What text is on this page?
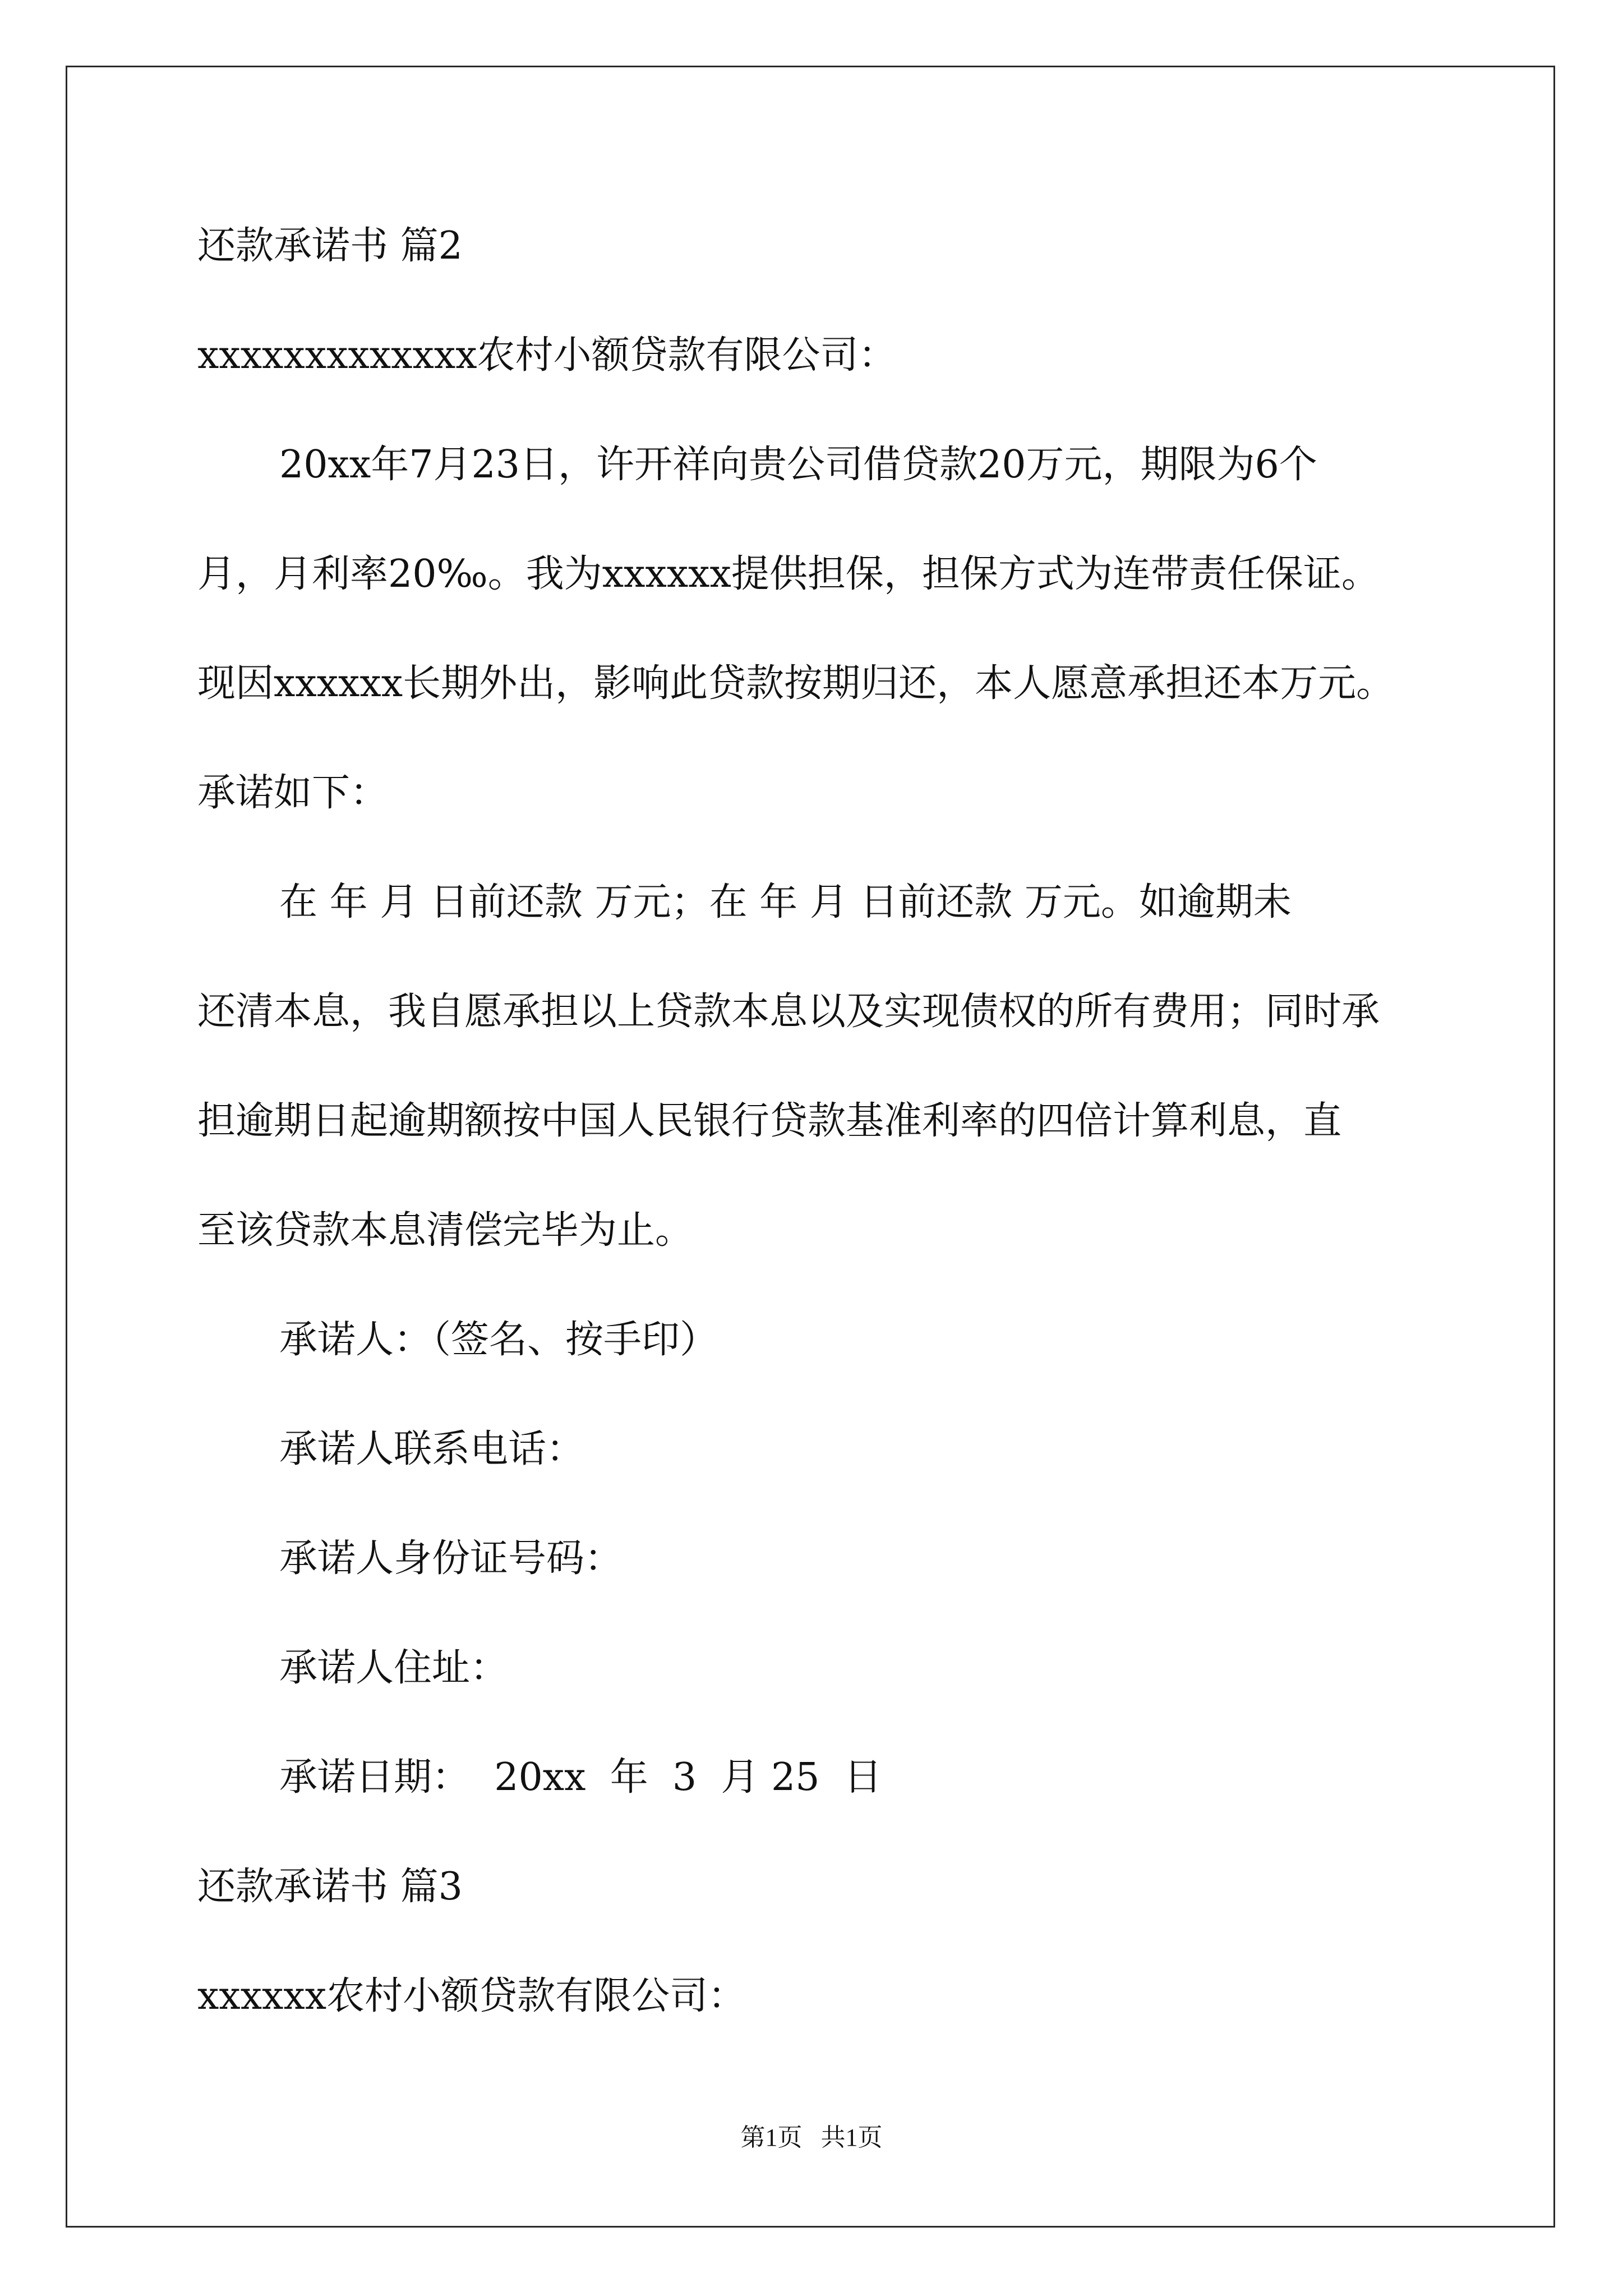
还款承诺书 篇2

xxxxxxxxxxxxx农村小额贷款有限公司：

20xx年7月23日，许开祥向贵公司借贷款20万元，期限为6个

月，月利率20‰。我为xxxxxx提供担保，担保方式为连带责任保证。

现因xxxxxx长期外出，影响此贷款按期归还，本人愿意承担还本万元。

承诺如下：

在 年 月 日前还款 万元；在 年 月 日前还款 万元。如逾期未

还清本息，我自愿承担以上贷款本息以及实现债权的所有费用；同时承

担逾期日起逾期额按中国人民银行贷款基准利率的四倍计算利息，直

至该贷款本息清偿完毕为止。

承诺人：（签名、按手印）

承诺人联系电话：

承诺人身份证号码：

承诺人住址：

承诺日期：  20xx  年  3  月 25  日

还款承诺书 篇3

xxxxxx农村小额贷款有限公司：

第1页   共1页
